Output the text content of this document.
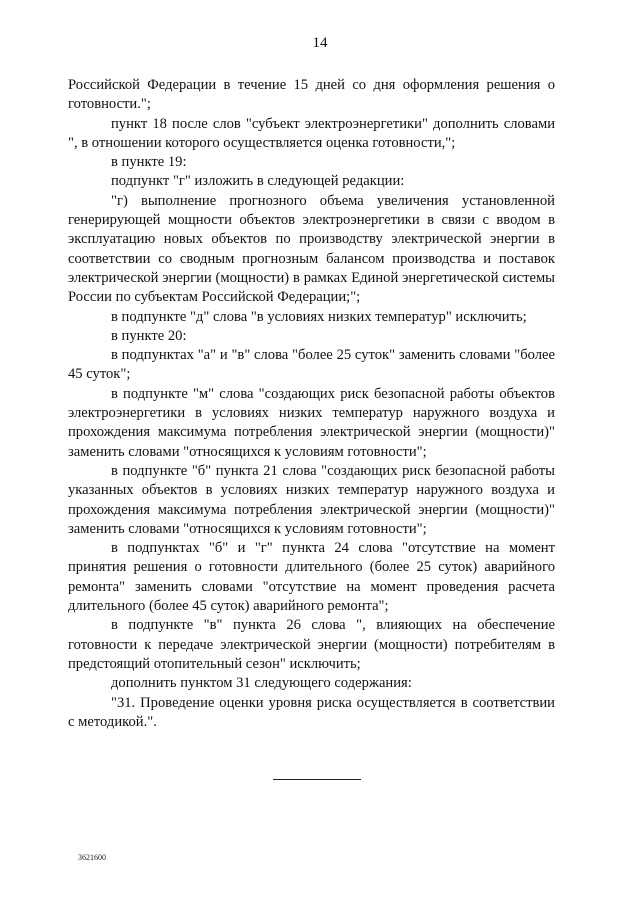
14

Российской Федерации в течение 15 дней со дня оформления решения о готовности.";

пункт 18 после слов "субъект электроэнергетики" дополнить словами ", в отношении которого осуществляется оценка готовности,";

в пункте 19:

подпункт "г" изложить в следующей редакции:

"г) выполнение прогнозного объема увеличения установленной генерирующей мощности объектов электроэнергетики в связи с вводом в эксплуатацию новых объектов по производству электрической энергии в соответствии со сводным прогнозным балансом производства и поставок электрической энергии (мощности) в рамках Единой энергетической системы России по субъектам Российской Федерации;";

в подпункте "д" слова "в условиях низких температур" исключить;

в пункте 20:

в подпунктах "а" и "в" слова "более 25 суток" заменить словами "более 45 суток";

в подпункте "м" слова "создающих риск безопасной работы объектов электроэнергетики в условиях низких температур наружного воздуха и прохождения максимума потребления электрической энергии (мощности)" заменить словами "относящихся к условиям готовности";

в подпункте "б" пункта 21 слова "создающих риск безопасной работы указанных объектов в условиях низких температур наружного воздуха и прохождения максимума потребления электрической энергии (мощности)" заменить словами "относящихся к условиям готовности";

в подпунктах "б" и "г" пункта 24 слова "отсутствие на момент принятия решения о готовности длительного (более 25 суток) аварийного ремонта" заменить словами "отсутствие на момент проведения расчета длительного (более 45 суток) аварийного ремонта";

в подпункте "в" пункта 26 слова ", влияющих на обеспечение готовности к передаче электрической энергии (мощности) потребителям в предстоящий отопительный сезон" исключить;

дополнить пунктом 31 следующего содержания:

"31. Проведение оценки уровня риска осуществляется в соответствии с методикой.".

3621600
